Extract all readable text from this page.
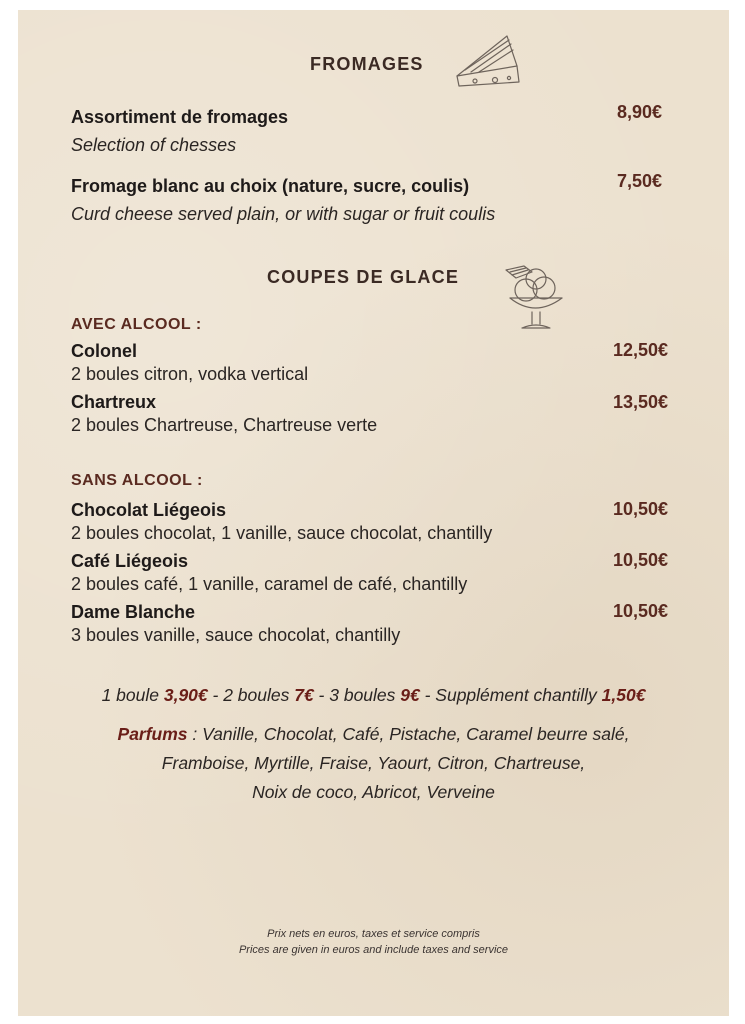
FROMAGES
Assortiment de fromages
Selection of chesses
8,90€
Fromage blanc au choix (nature, sucre, coulis)
Curd cheese served plain, or with sugar or fruit coulis
7,50€
COUPES DE GLACE
AVEC ALCOOL :
Colonel
2 boules citron, vodka vertical
12,50€
Chartreux
2 boules Chartreuse, Chartreuse verte
13,50€
SANS ALCOOL :
Chocolat Liégeois
2 boules chocolat, 1 vanille, sauce chocolat, chantilly
10,50€
Café Liégeois
2 boules café, 1 vanille, caramel de café, chantilly
10,50€
Dame Blanche
3 boules vanille, sauce chocolat, chantilly
10,50€
1 boule 3,90€ - 2 boules 7€ - 3 boules 9€ - Supplément chantilly 1,50€
Parfums : Vanille, Chocolat, Café, Pistache, Caramel beurre salé,
Framboise, Myrtille, Fraise, Yaourt, Citron, Chartreuse,
Noix de coco, Abricot, Verveine
Prix nets en euros, taxes et service compris
Prices are given in euros and include taxes and service
